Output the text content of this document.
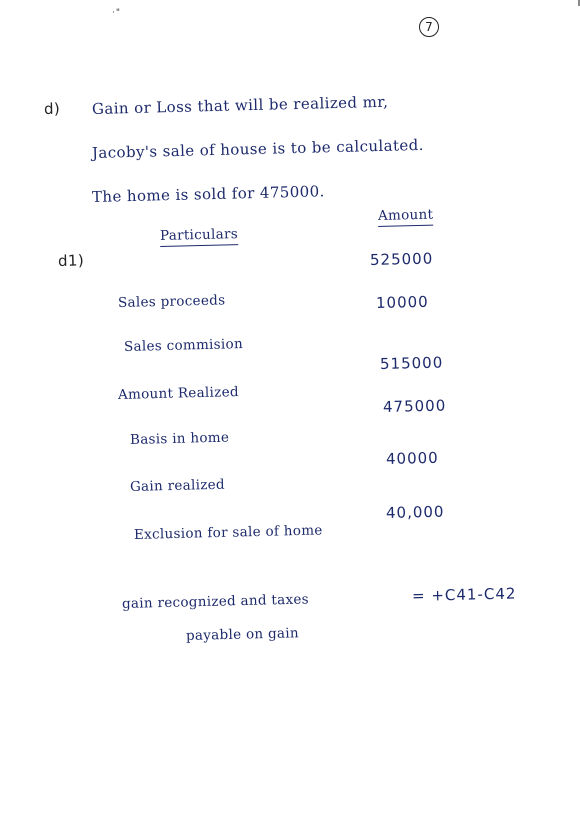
·"
7
d) Gain or Loss that will be realized mr,
Jacoby's sale of house is to be calculated.
The home is sold for 475000.
Particulars
Amount
d1)	525000
10000
515000
475000
40000
40,000
= +C41-C42
Sales proceeds
Sales commision
Amount Realized
Basis in home
Gain realized
Exclusion for sale of home
gain recognized and taxes
payable on gain
